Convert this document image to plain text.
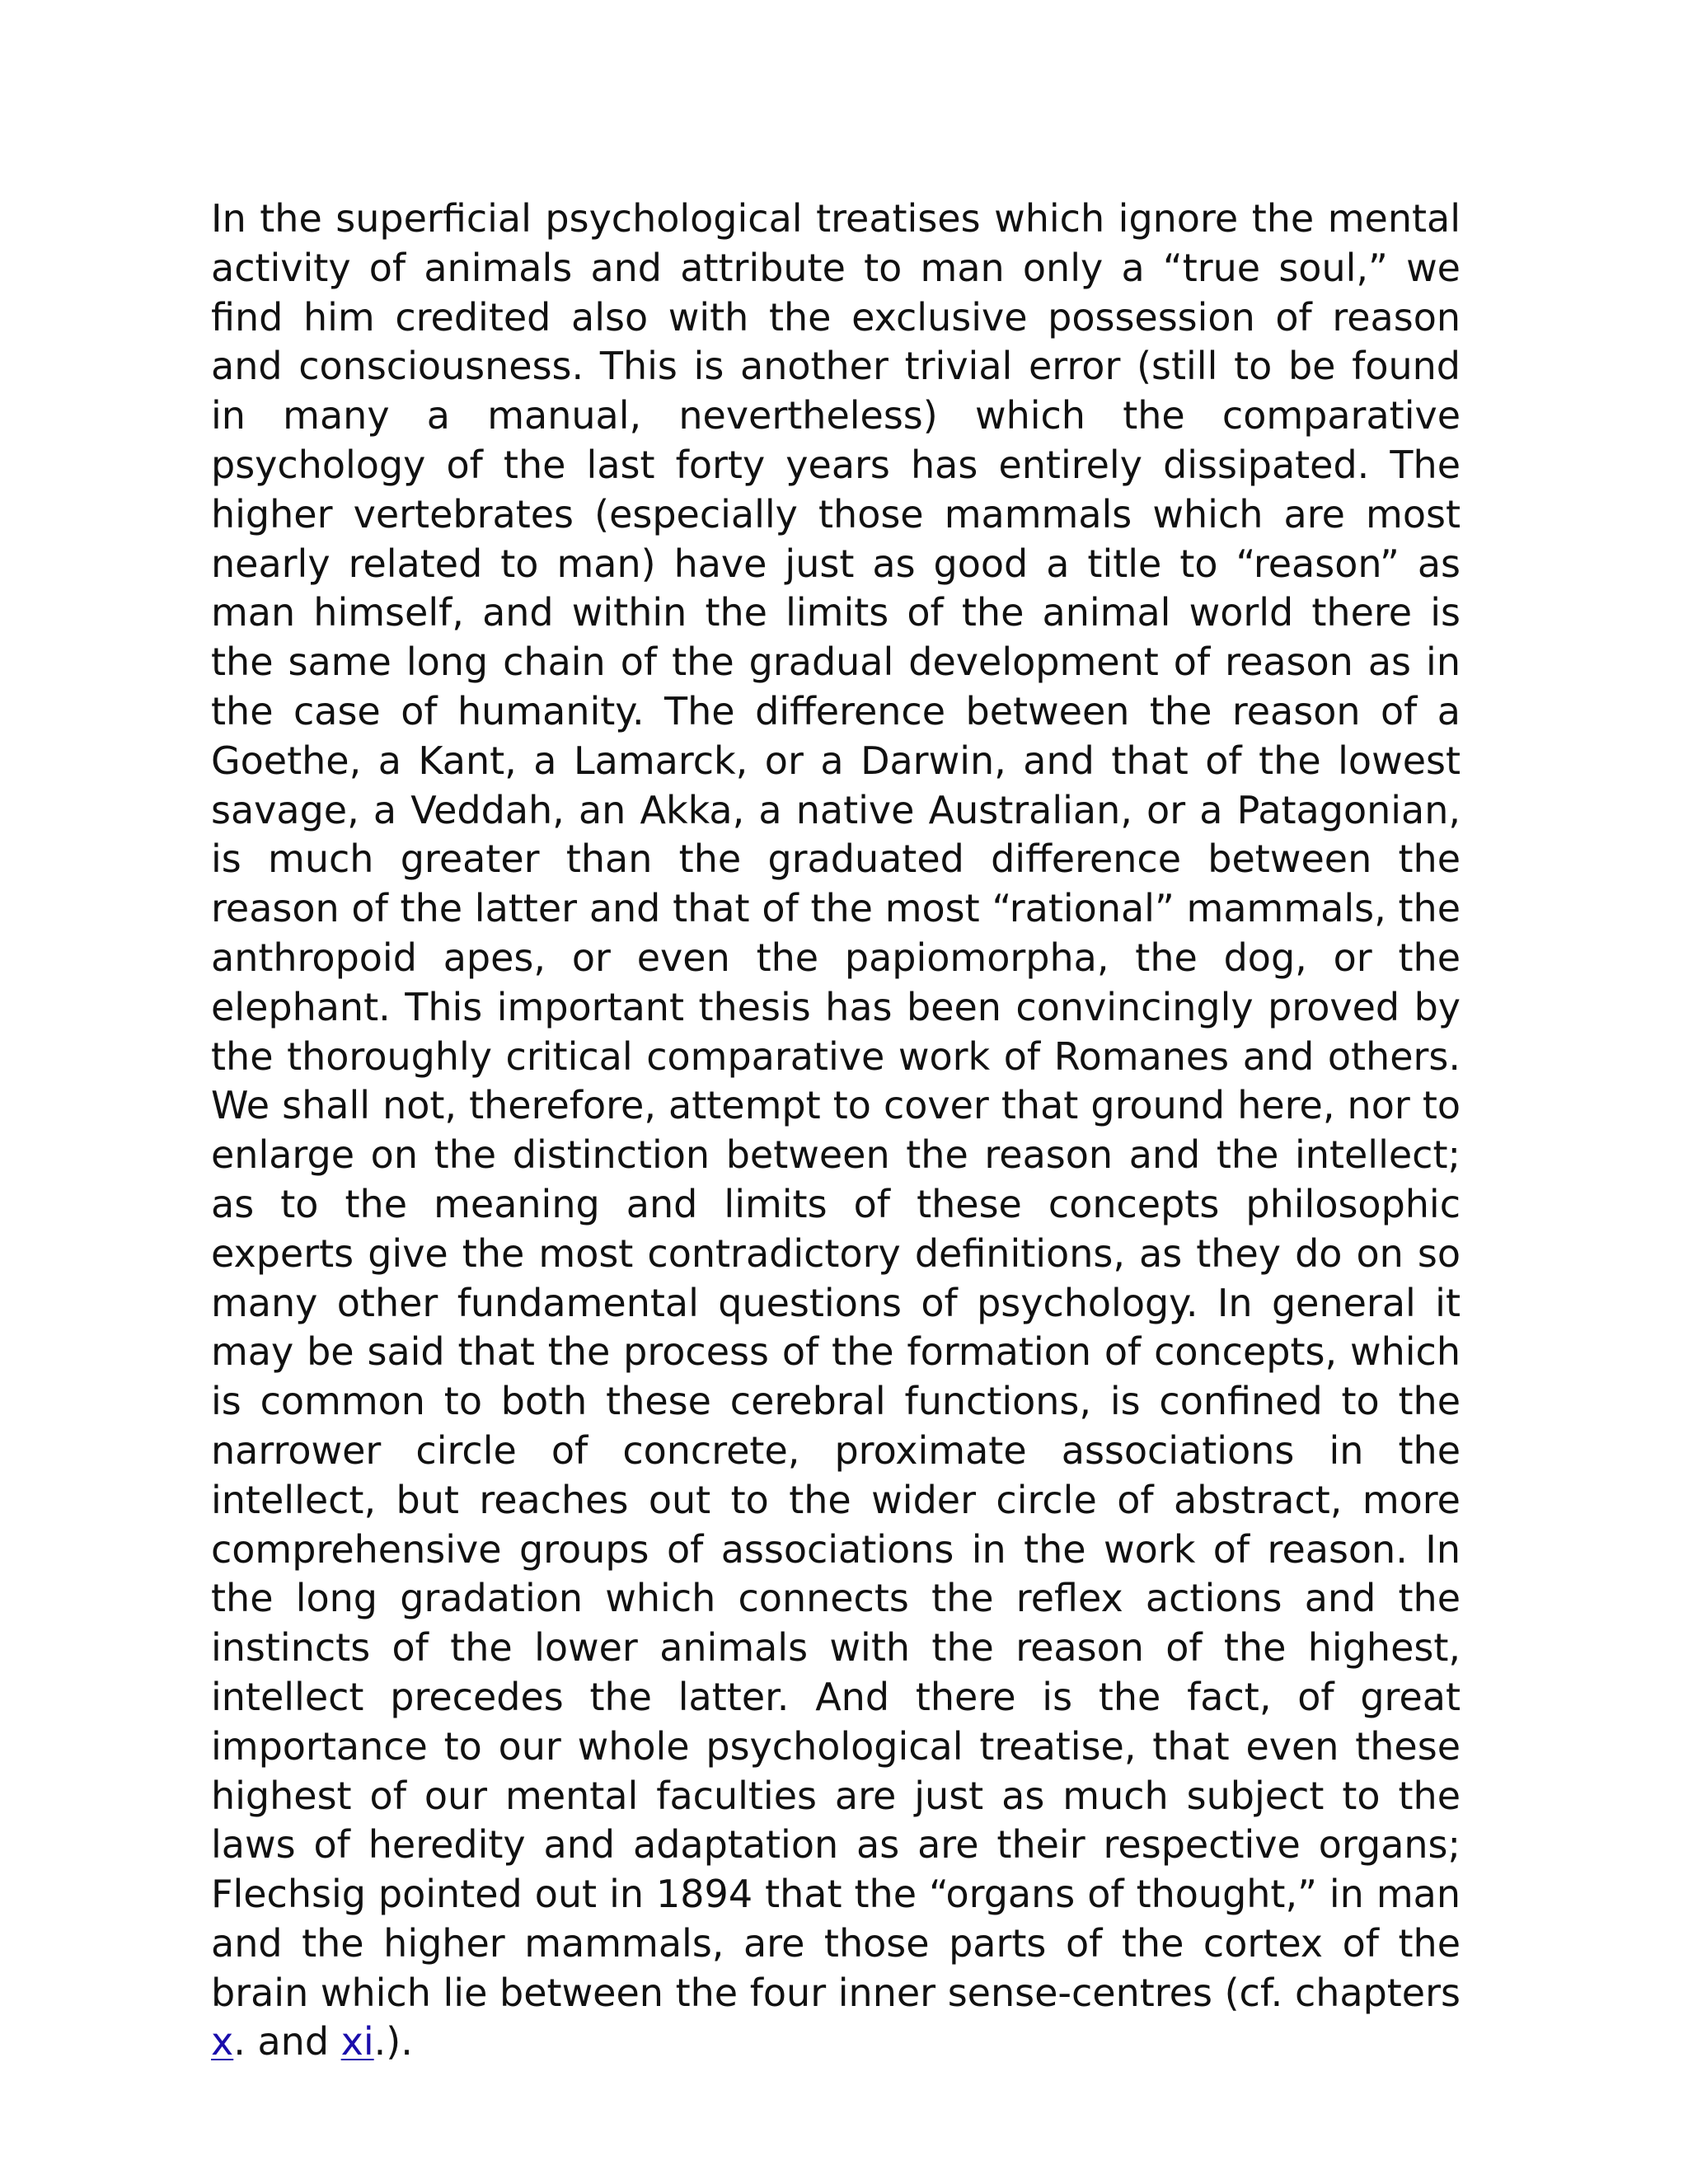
In the superficial psychological treatises which ignore the mental activity of animals and attribute to man only a “true soul,” we find him credited also with the exclusive possession of reason and consciousness. This is another trivial error (still to be found in many a manual, nevertheless) which the comparative psychology of the last forty years has entirely dissipated. The higher vertebrates (especially those mammals which are most nearly related to man) have just as good a title to “reason” as man himself, and within the limits of the animal world there is the same long chain of the gradual development of reason as in the case of humanity. The difference between the reason of a Goethe, a Kant, a Lamarck, or a Darwin, and that of the lowest savage, a Veddah, an Akka, a native Australian, or a Patagonian, is much greater than the graduated difference between the reason of the latter and that of the most “rational” mammals, the anthropoid apes, or even the papiomorpha, the dog, or the elephant. This important thesis has been convincingly proved by the thoroughly critical comparative work of Romanes and others. We shall not, therefore, attempt to cover that ground here, nor to enlarge on the distinction between the reason and the intellect; as to the meaning and limits of these concepts philosophic experts give the most contradictory definitions, as they do on so many other fundamental questions of psychology. In general it may be said that the process of the formation of concepts, which is common to both these cerebral functions, is confined to the narrower circle of concrete, proximate associations in the intellect, but reaches out to the wider circle of abstract, more comprehensive groups of associations in the work of reason. In the long gradation which connects the reflex actions and the instincts of the lower animals with the reason of the highest, intellect precedes the latter. And there is the fact, of great importance to our whole psychological treatise, that even these highest of our mental faculties are just as much subject to the laws of heredity and adaptation as are their respective organs; Flechsig pointed out in 1894 that the “organs of thought,” in man and the higher mammals, are those parts of the cortex of the brain which lie between the four inner sense-centres (cf. chapters x. and xi.).
